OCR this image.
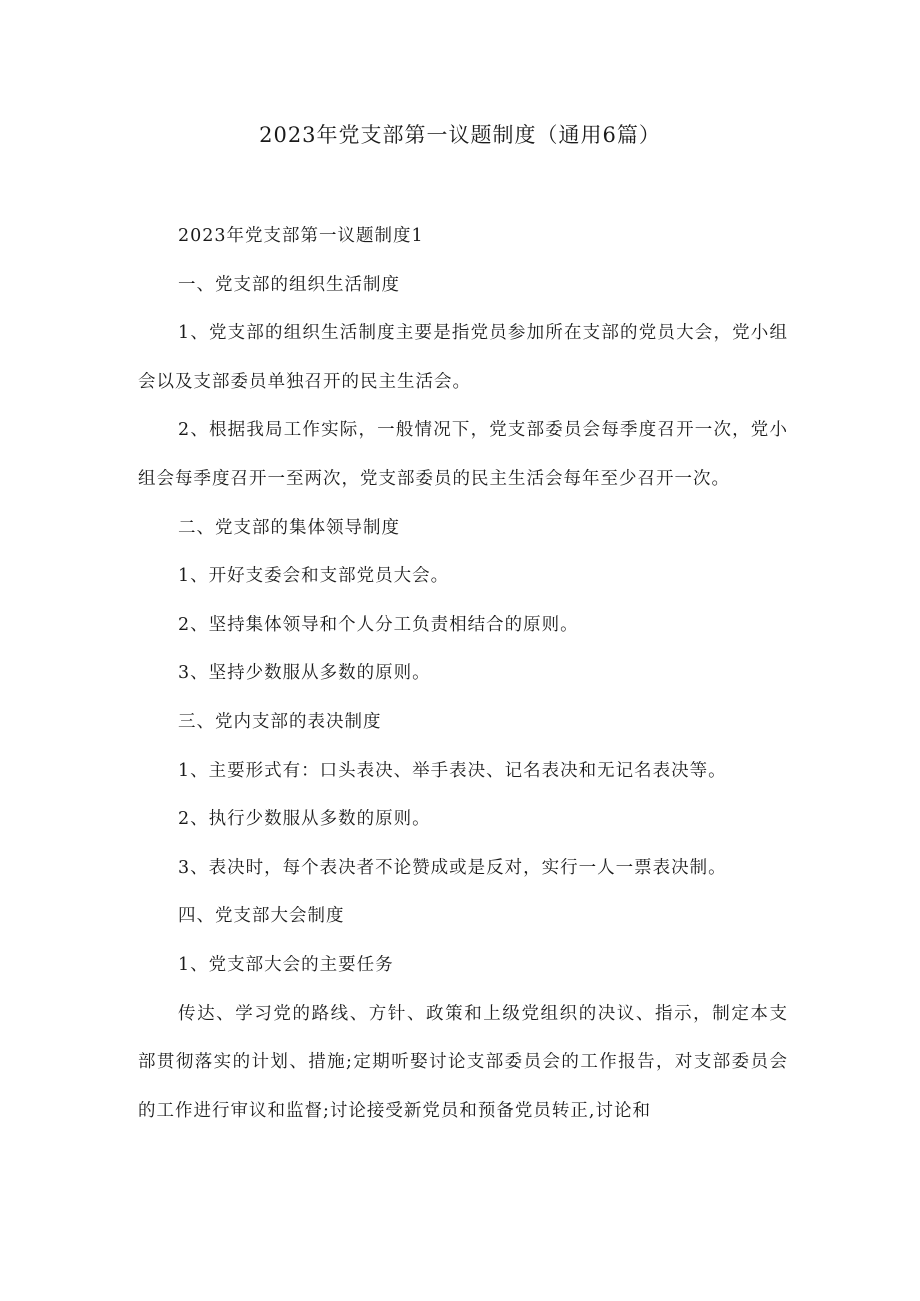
2023年党支部第一议题制度（通用6篇）

2023年党支部第一议题制度1

一、党支部的组织生活制度

1、党支部的组织生活制度主要是指党员参加所在支部的党员大会，党小组会以及支部委员单独召开的民主生活会。

2、根据我局工作实际，一般情况下，党支部委员会每季度召开一次，党小组会每季度召开一至两次，党支部委员的民主生活会每年至少召开一次。

二、党支部的集体领导制度

1、开好支委会和支部党员大会。

2、坚持集体领导和个人分工负责相结合的原则。

3、坚持少数服从多数的原则。

三、党内支部的表决制度

1、主要形式有：口头表决、举手表决、记名表决和无记名表决等。

2、执行少数服从多数的原则。

3、表决时，每个表决者不论赞成或是反对，实行一人一票表决制。

四、党支部大会制度

1、党支部大会的主要任务

传达、学习党的路线、方针、政策和上级党组织的决议、指示，制定本支部贯彻落实的计划、措施;定期听娶讨论支部委员会的工作报告，对支部委员会的工作进行审议和监督;讨论接受新党员和预备党员转正,讨论和
